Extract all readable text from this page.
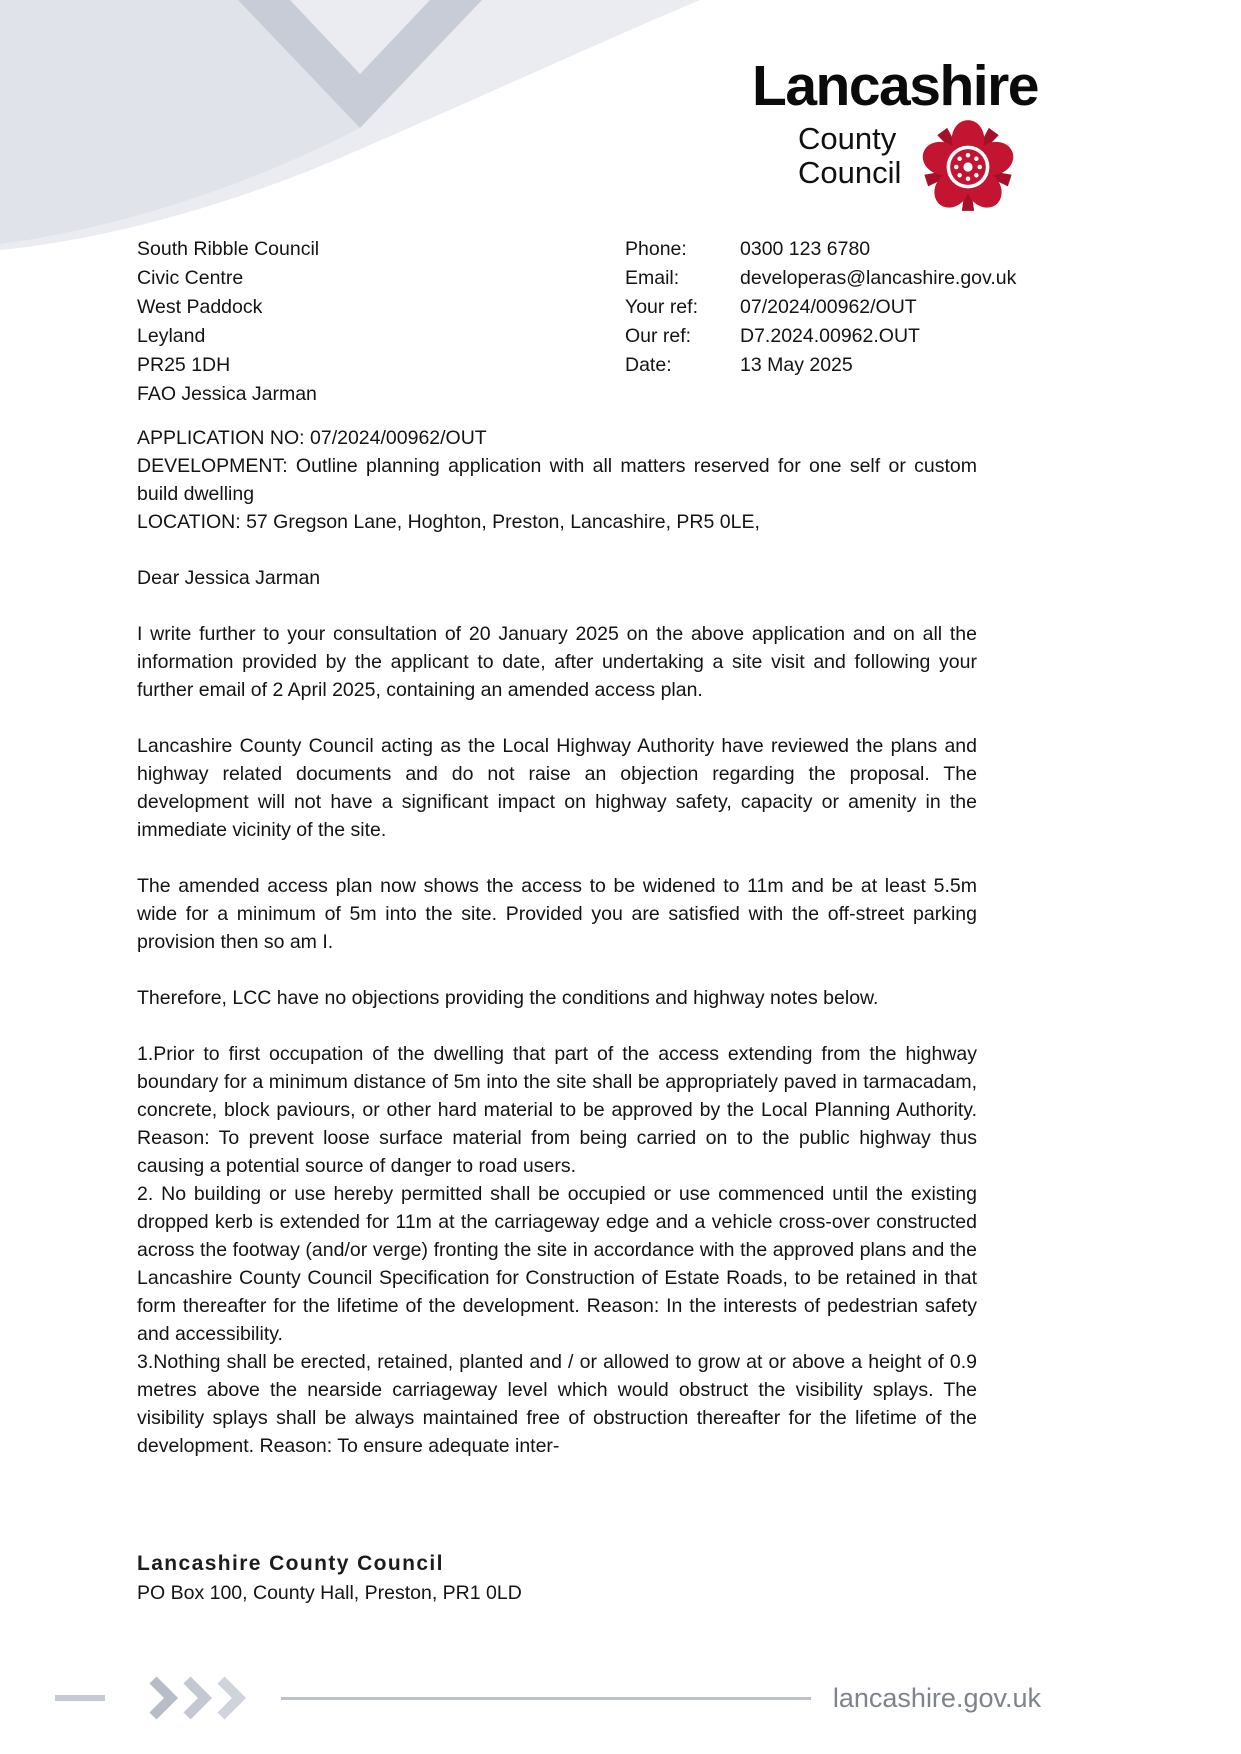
Lancashire
County
Council
South Ribble Council
Civic Centre
West Paddock
Leyland
PR25 1DH
FAO Jessica Jarman
Phone:	0300 123 6780
Email:	developeras@lancashire.gov.uk
Your ref:	07/2024/00962/OUT
Our ref:	D7.2024.00962.OUT
Date:	13 May 2025

APPLICATION NO: 07/2024/00962/OUT

DEVELOPMENT: Outline planning application with all matters reserved for one self or custom build dwelling

LOCATION: 57 Gregson Lane, Hoghton, Preston, Lancashire, PR5 0LE,

Dear Jessica Jarman

I write further to your consultation of 20 January 2025 on the above application and on all the information provided by the applicant to date, after undertaking a site visit and following your further email of 2 April 2025, containing an amended access plan.

Lancashire County Council acting as the Local Highway Authority have reviewed the plans and highway related documents and do not raise an objection regarding the proposal. The development will not have a significant impact on highway safety, capacity or amenity in the immediate vicinity of the site.

The amended access plan now shows the access to be widened to 11m and be at least 5.5m wide for a minimum of 5m into the site. Provided you are satisfied with the off-street parking provision then so am I.

Therefore, LCC have no objections providing the conditions and highway notes below.

1.Prior to first occupation of the dwelling that part of the access extending from the highway boundary for a minimum distance of 5m into the site shall be appropriately paved in tarmacadam, concrete, block paviours, or other hard material to be approved by the Local Planning Authority. Reason: To prevent loose surface material from being carried on to the public highway thus causing a potential source of danger to road users.

2. No building or use hereby permitted shall be occupied or use commenced until the existing dropped kerb is extended for 11m at the carriageway edge and a vehicle cross-over constructed across the footway (and/or verge) fronting the site in accordance with the approved plans and the Lancashire County Council Specification for Construction of Estate Roads, to be retained in that form thereafter for the lifetime of the development. Reason: In the interests of pedestrian safety and accessibility.

3.Nothing shall be erected, retained, planted and / or allowed to grow at or above a height of 0.9 metres above the nearside carriageway level which would obstruct the visibility splays. The visibility splays shall be always maintained free of obstruction thereafter for the lifetime of the development. Reason: To ensure adequate inter-

Lancashire County Council
PO Box 100, County Hall, Preston, PR1 0LD
lancashire.gov.uk
